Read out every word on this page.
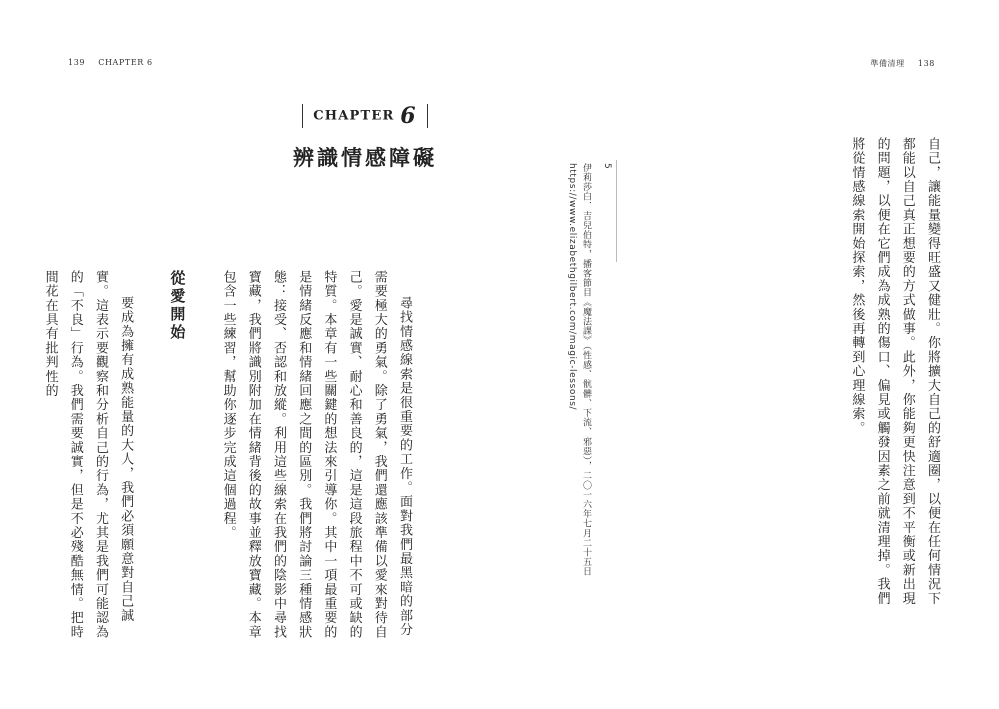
139 CHAPTER 6
CHAPTER 6
辨識情感障礙

尋找情感線索是很重要的工作。面對我們最黑暗的部分需要極大的勇氣。除了勇氣，我們還應該準備以愛來對待自己。愛是誠實、耐心和善良的，這是這段旅程中不可或缺的特質。本章有一些關鍵的想法來引導你。其中一項最重要的是情緒反應和情緒回應之間的區別。我們將討論三種情感狀態：接受、否認和放縱。利用這些線索在我們的陰影中尋找寶藏，我們將識別附加在情緒背後的故事並釋放寶藏。本章包含一些練習，幫助你逐步完成這個過程。

從愛開始

要成為擁有成熟能量的大人，我們必須願意對自己誠實。這表示要觀察和分析自己的行為，尤其是我們可能認為的「不良」行為。我們需要誠實，但是不必殘酷無情。把時間花在具有批判性的

準備清理 138

自己，讓能量變得旺盛又健壯。你將擴大自己的舒適圈，以便在任何情況下都能以自己真正想要的方式做事。此外，你能夠更快注意到不平衡或新出現的問題，以便在它們成為成熟的傷口、偏見或觸發因素之前就清理掉。我們將從情感線索開始探索，然後再轉到心理線索。

5
伊莉莎白．吉兒伯特，播客節目《魔法課》（性感、骯髒、下流、邪惡），二〇一六年七月二十五日 https://www.elizabethgilbert.com/magic-lessons/
